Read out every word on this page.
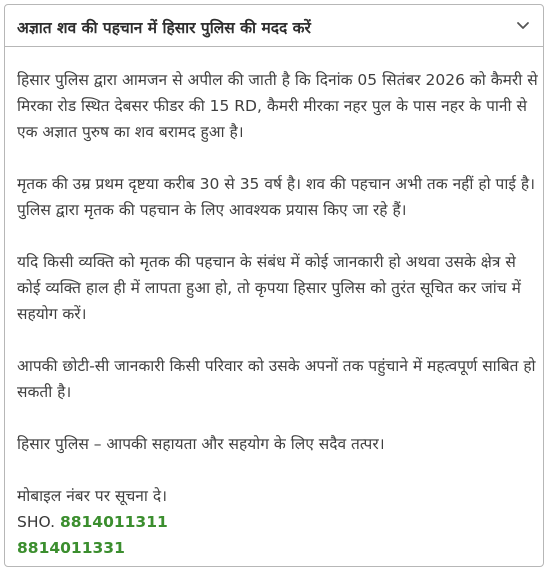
अज्ञात शव की पहचान में हिसार पुलिस की मदद करें

हिसार पुलिस द्वारा आमजन से अपील की जाती है कि दिनांक 05 सितंबर 2026 को कैमरी से मिरका रोड स्थित देबसर फीडर की 15 RD, कैमरी मीरका नहर पुल के पास नहर के पानी से एक अज्ञात पुरुष का शव बरामद हुआ है।

मृतक की उम्र प्रथम दृष्टया करीब 30 से 35 वर्ष है। शव की पहचान अभी तक नहीं हो पाई है। पुलिस द्वारा मृतक की पहचान के लिए आवश्यक प्रयास किए जा रहे हैं।

यदि किसी व्यक्ति को मृतक की पहचान के संबंध में कोई जानकारी हो अथवा उसके क्षेत्र से कोई व्यक्ति हाल ही में लापता हुआ हो, तो कृपया हिसार पुलिस को तुरंत सूचित कर जांच में सहयोग करें।

आपकी छोटी-सी जानकारी किसी परिवार को उसके अपनों तक पहुंचाने में महत्वपूर्ण साबित हो सकती है।

हिसार पुलिस – आपकी सहायता और सहयोग के लिए सदैव तत्पर।

मोबाइल नंबर पर सूचना दे।

SHO. 8814011311

8814011331
